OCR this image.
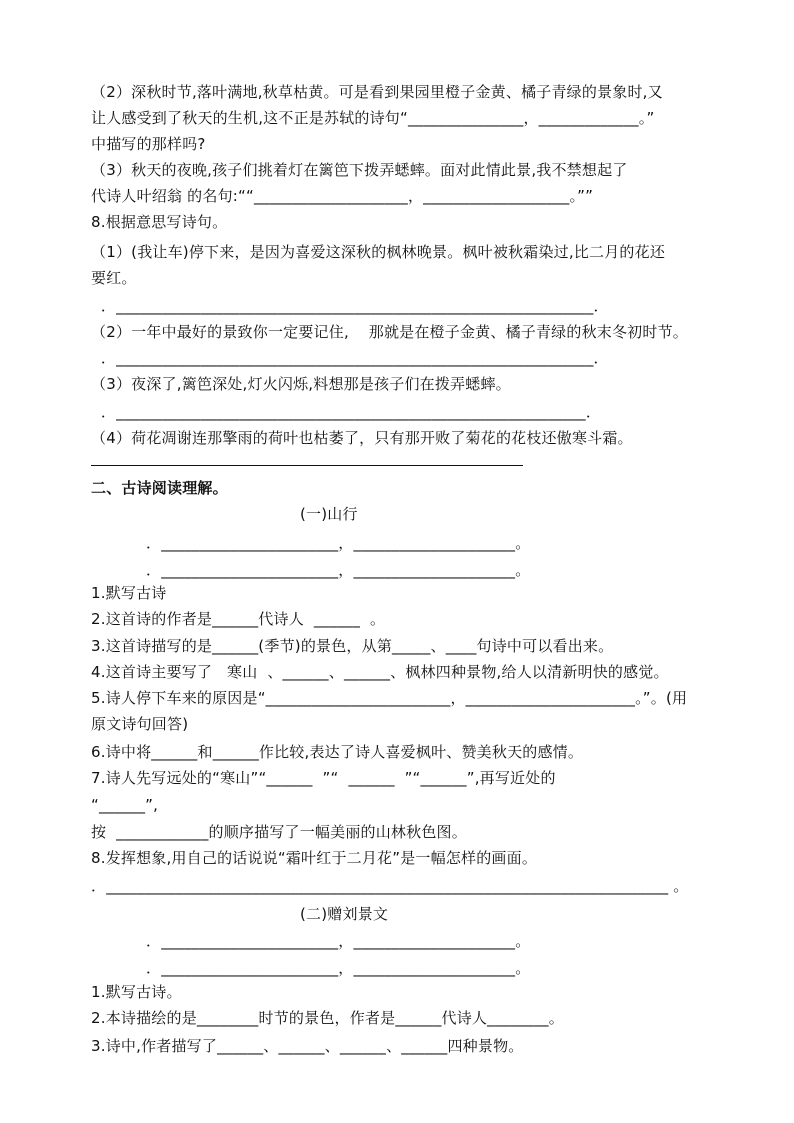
（2）深秋时节,落叶满地,秋草枯黄。可是看到果园里橙子金黄、橘子青绿的景象时,又
让人感受到了秋天的生机,这不正是苏轼的诗句“_______________，_____________。”
中描写的那样吗?
（3）秋天的夜晚,孩子们挑着灯在篱笆下拨弄蟋蟀。面对此情此景,我不禁想起了
代诗人叶绍翁 的名句:““____________________，___________________。””
8.根据意思写诗句。
（1）(我让车)停下来，是因为喜爱这深秋的枫林晚景。枫叶被秋霜染过,比二月的花还
要红。
．______________________________________________________________．
（2）一年中最好的景致你一定要记住,    那就是在橙子金黄、橘子青绿的秋末冬初时节。
．______________________________________________________________．
（3）夜深了,篱笆深处,灯火闪烁,料想那是孩子们在拨弄蟋蟀。
．_____________________________________________________________．
（4）荷花凋谢连那擎雨的荷叶也枯萎了，只有那开败了菊花的花枝还傲寒斗霜。
二、古诗阅读理解。
(一)山行
．_______________________，_____________________。
．_______________________，_____________________。
1.默写古诗
2.这首诗的作者是______代诗人  ______  。
3.这首诗描写的是______(季节)的景色，从第_____、____句诗中可以看出来。
4.这首诗主要写了   寒山  、______、______、枫林四种景物,给人以清新明快的感觉。
5.诗人停下车来的原因是“________________________，______________________。”。(用
原文诗句回答)
6.诗中将______和______作比较,表达了诗人喜爱枫叶、赞美秋天的感情。
7.诗人先写远处的“寒山”“______  ”“  ______  ”“______”,再写近处的
“______”,
按  ____________的顺序描写了一幅美丽的山林秋色图。
8.发挥想象,用自己的话说说“霜叶红于二月花”是一幅怎样的画面。
．_________________________________________________________________________ 。
(二)赠刘景文
．_______________________，_____________________。
．_______________________，_____________________。
1.默写古诗。
2.本诗描绘的是________时节的景色，作者是______代诗人________。
3.诗中,作者描写了______、______、______、______四种景物。
